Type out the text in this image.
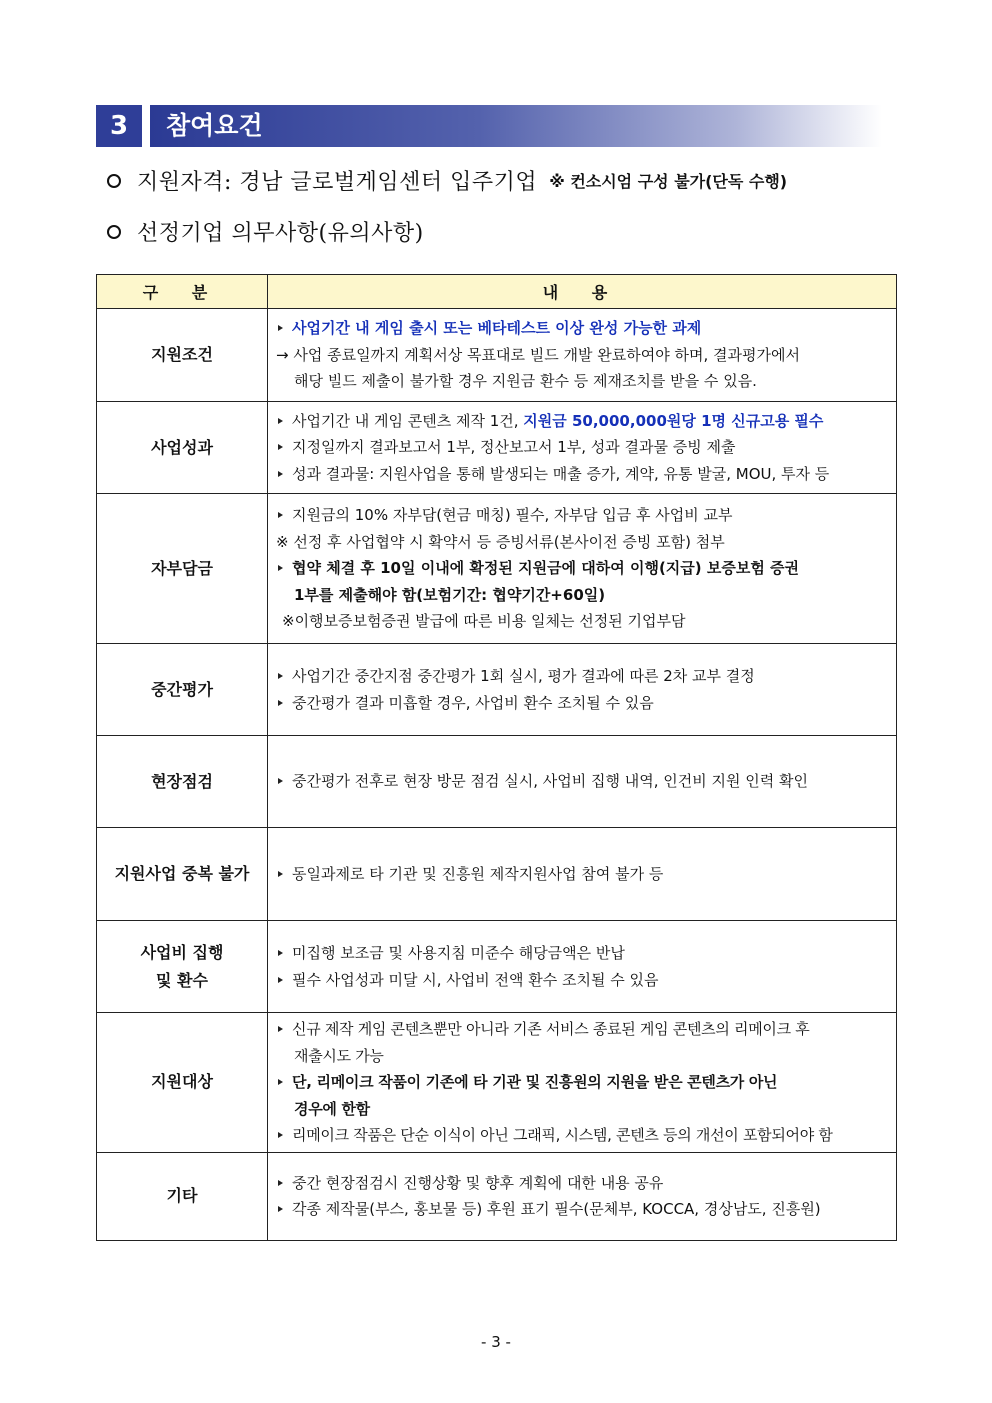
3	참여요건
지원자격: 경남 글로벌게임센터 입주기업 ※ 컨소시엄 구성 불가(단독 수행)
선정기업 의무사항(유의사항)
구 분	내 용
지원조건	사업기간 내 게임 출시 또는 베타테스트 이상 완성 가능한 과제
→ 사업 종료일까지 계획서상 목표대로 빌드 개발 완료하여야 하며, 결과평가에서
해당 빌드 제출이 불가할 경우 지원금 환수 등 제재조치를 받을 수 있음.

사업성과	사업기간 내 게임 콘텐츠 제작 1건, 지원금 50,000,000원당 1명 신규고용 필수
지정일까지 결과보고서 1부, 정산보고서 1부, 성과 결과물 증빙 제출
성과 결과물: 지원사업을 통해 발생되는 매출 증가, 계약, 유통 발굴, MOU, 투자 등

자부담금	지원금의 10% 자부담(현금 매칭) 필수, 자부담 입금 후 사업비 교부
※ 선정 후 사업협약 시 확약서 등 증빙서류(본사이전 증빙 포함) 첨부
협약 체결 후 10일 이내에 확정된 지원금에 대하여 이행(지급) 보증보험 증권
1부를 제출해야 함(보험기간: 협약기간+60일)
※이행보증보험증권 발급에 따른 비용 일체는 선정된 기업부담

중간평가	사업기간 중간지점 중간평가 1회 실시, 평가 결과에 따른 2차 교부 결정
중간평가 결과 미흡할 경우, 사업비 환수 조치될 수 있음

현장점검	중간평가 전후로 현장 방문 점검 실시, 사업비 집행 내역, 인건비 지원 인력 확인

지원사업 중복 불가	동일과제로 타 기관 및 진흥원 제작지원사업 참여 불가 등

사업비 집행
및 환수	미집행 보조금 및 사용지침 미준수 해당금액은 반납
필수 사업성과 미달 시, 사업비 전액 환수 조치될 수 있음

지원대상	신규 제작 게임 콘텐츠뿐만 아니라 기존 서비스 종료된 게임 콘텐츠의 리메이크 후
재출시도 가능
단, 리메이크 작품이 기존에 타 기관 및 진흥원의 지원을 받은 콘텐츠가 아닌
경우에 한함
리메이크 작품은 단순 이식이 아닌 그래픽, 시스템, 콘텐츠 등의 개선이 포함되어야 함

기타	중간 현장점검시 진행상황 및 향후 계획에 대한 내용 공유
각종 제작물(부스, 홍보물 등) 후원 표기 필수(문체부, KOCCA, 경상남도, 진흥원)
- 3 -
